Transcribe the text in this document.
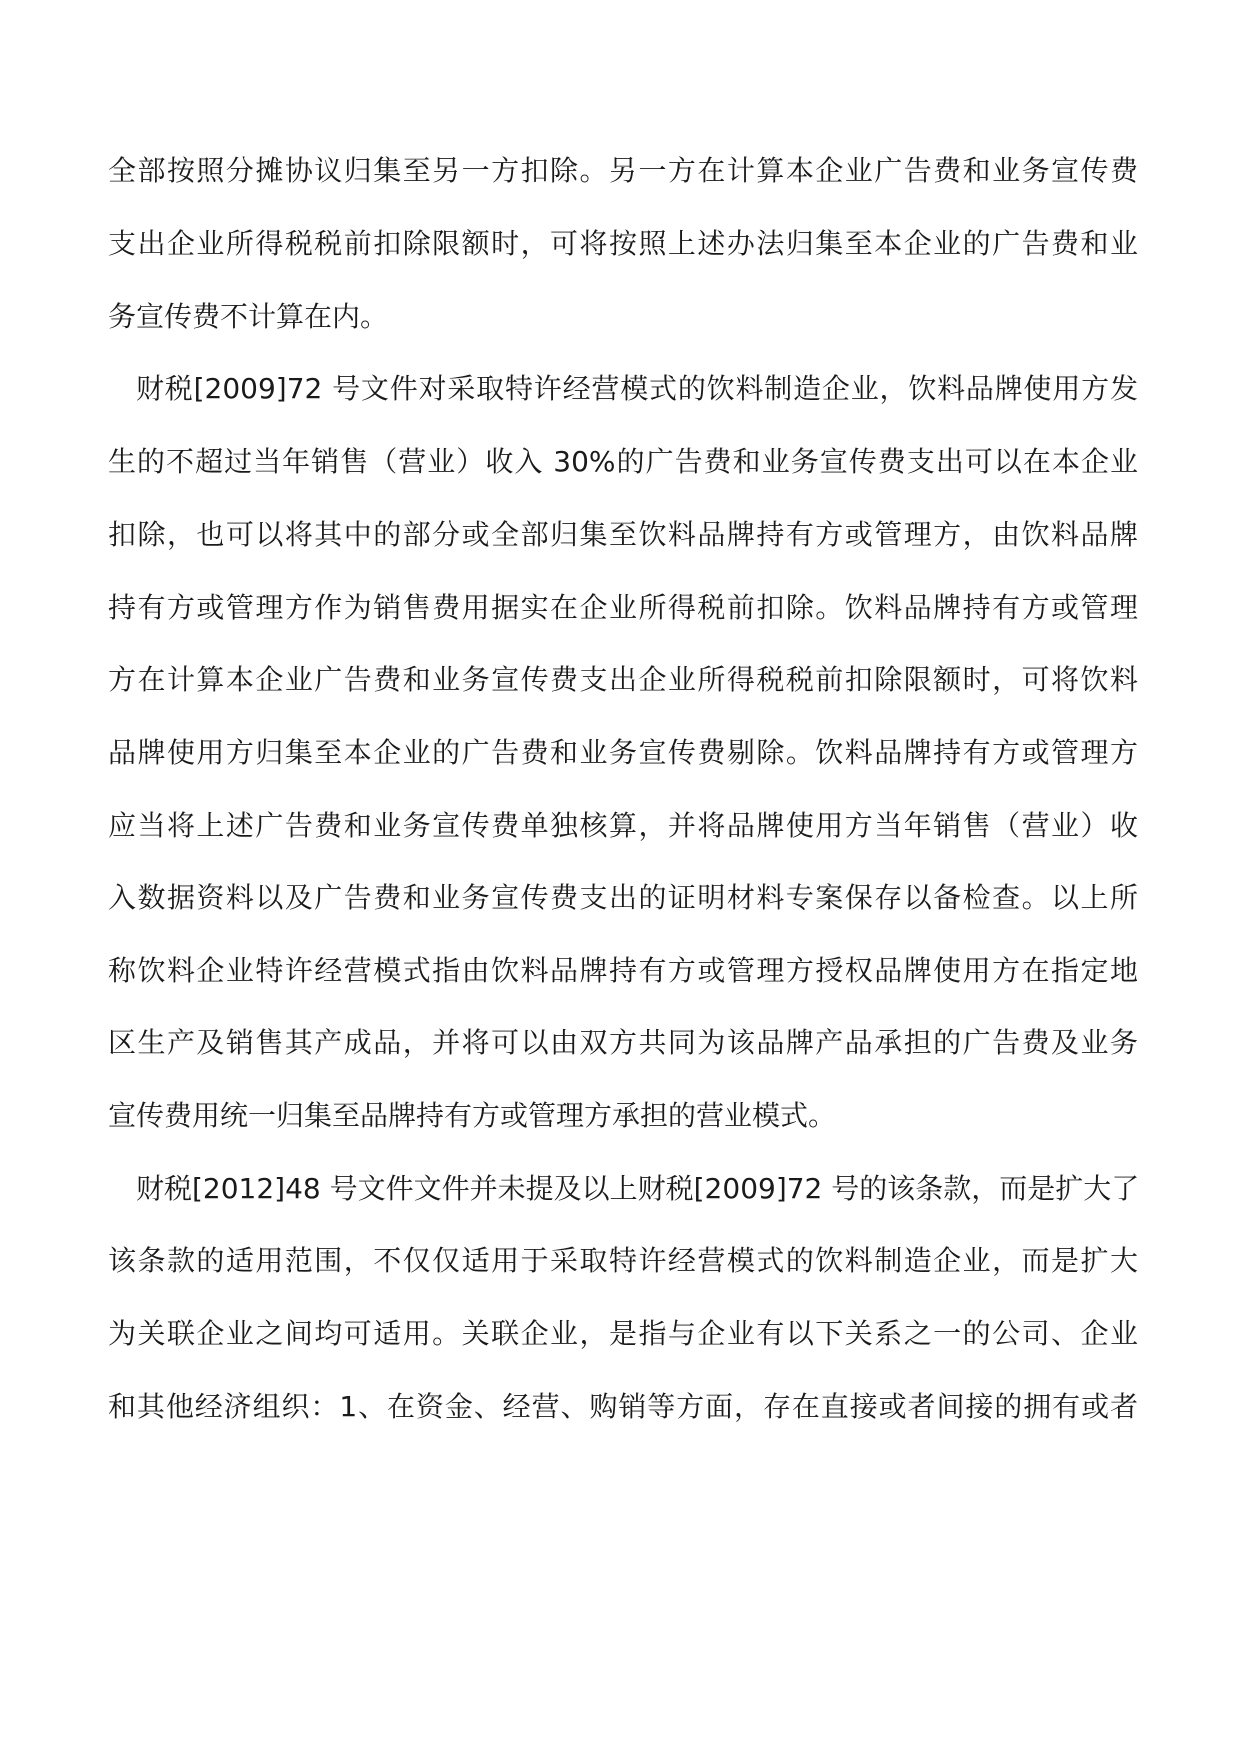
全部按照分摊协议归集至另一方扣除。另一方在计算本企业广告费和业务宣传费
支出企业所得税税前扣除限额时，可将按照上述办法归集至本企业的广告费和业
务宣传费不计算在内。
财税[2009]72 号文件对采取特许经营模式的饮料制造企业，饮料品牌使用方发
生的不超过当年销售（营业）收入 30%的广告费和业务宣传费支出可以在本企业
扣除，也可以将其中的部分或全部归集至饮料品牌持有方或管理方，由饮料品牌
持有方或管理方作为销售费用据实在企业所得税前扣除。饮料品牌持有方或管理
方在计算本企业广告费和业务宣传费支出企业所得税税前扣除限额时，可将饮料
品牌使用方归集至本企业的广告费和业务宣传费剔除。饮料品牌持有方或管理方
应当将上述广告费和业务宣传费单独核算，并将品牌使用方当年销售（营业）收
入数据资料以及广告费和业务宣传费支出的证明材料专案保存以备检查。以上所
称饮料企业特许经营模式指由饮料品牌持有方或管理方授权品牌使用方在指定地
区生产及销售其产成品，并将可以由双方共同为该品牌产品承担的广告费及业务
宣传费用统一归集至品牌持有方或管理方承担的营业模式。
财税[2012]48 号文件文件并未提及以上财税[2009]72 号的该条款，而是扩大了
该条款的适用范围，不仅仅适用于采取特许经营模式的饮料制造企业，而是扩大
为关联企业之间均可适用。关联企业，是指与企业有以下关系之一的公司、企业
和其他经济组织：1、在资金、经营、购销等方面，存在直接或者间接的拥有或者
